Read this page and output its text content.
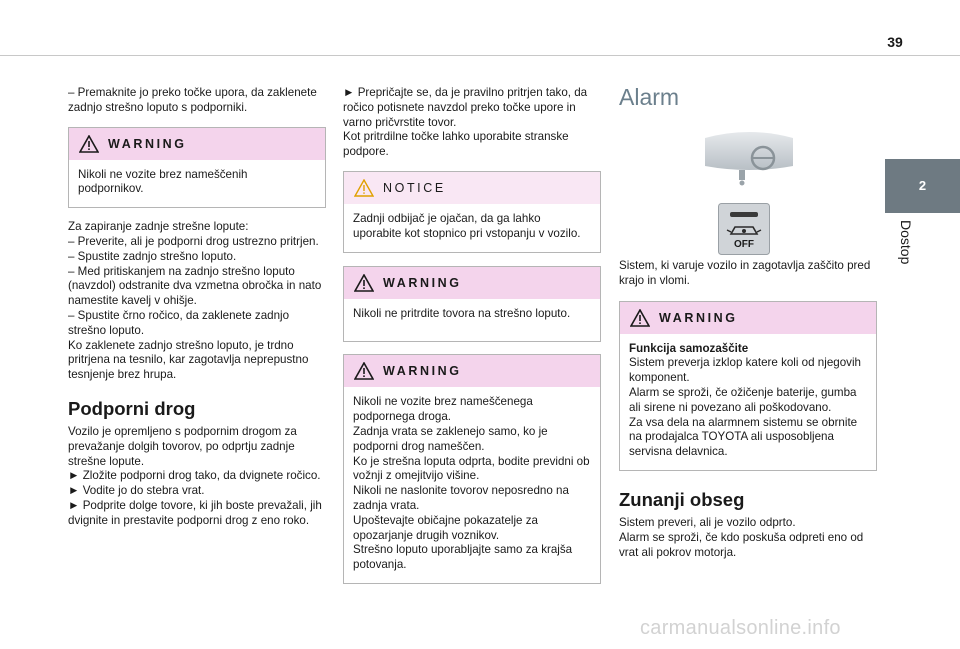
39
2
Dostop
– Premaknite jo preko točke upora, da zaklenete zadnjo strešno loputo s podporniki.
WARNING
Nikoli ne vozite brez nameščenih podpornikov.
Za zapiranje zadnje strešne lopute:
– Preverite, ali je podporni drog ustrezno pritrjen.
– Spustite zadnjo strešno loputo.
– Med pritiskanjem na zadnjo strešno loputo (navzdol) odstranite dva vzmetna obročka in nato namestite kavelj v ohišje.
– Spustite črno ročico, da zaklenete zadnjo strešno loputo.
Ko zaklenete zadnjo strešno loputo, je trdno pritrjena na tesnilo, kar zagotavlja neprepustno tesnjenje brez hrupa.
Podporni drog
Vozilo je opremljeno s podpornim drogom za prevažanje dolgih tovorov, po odprtju zadnje strešne lopute.
► Zložite podporni drog tako, da dvignete ročico.
► Vodite jo do stebra vrat.
► Podprite dolge tovore, ki jih boste prevažali, jih dvignite in prestavite podporni drog z eno roko.
► Prepričajte se, da je pravilno pritrjen tako, da ročico potisnete navzdol preko točke upore in varno pričvrstite tovor.
Kot pritrdilne točke lahko uporabite stranske podpore.
NOTICE
Zadnji odbijač je ojačan, da ga lahko uporabite kot stopnico pri vstopanju v vozilo.
WARNING
Nikoli ne pritrdite tovora na strešno loputo.
WARNING
Nikoli ne vozite brez nameščenega podpornega droga.
Zadnja vrata se zaklenejo samo, ko je podporni drog nameščen.
Ko je strešna loputa odprta, bodite previdni ob vožnji z omejitvijo višine.
Nikoli ne naslonite tovorov neposredno na zadnja vrata.
Upoštevajte običajne pokazatelje za opozarjanje drugih voznikov.
Strešno loputo uporabljajte samo za krajša potovanja.
Alarm
OFF
Sistem, ki varuje vozilo in zagotavlja zaščito pred krajo in vlomi.
WARNING
Funkcija samozaščite
Sistem preverja izklop katere koli od njegovih komponent.
Alarm se sproži, če ožičenje baterije, gumba ali sirene ni povezano ali poškodovano.
Za vsa dela na alarmnem sistemu se obrnite na prodajalca TOYOTA ali usposobljena servisna delavnica.
Zunanji obseg
Sistem preveri, ali je vozilo odprto.
Alarm se sproži, če kdo poskuša odpreti eno od vrat ali pokrov motorja.
carmanualsonline.info
